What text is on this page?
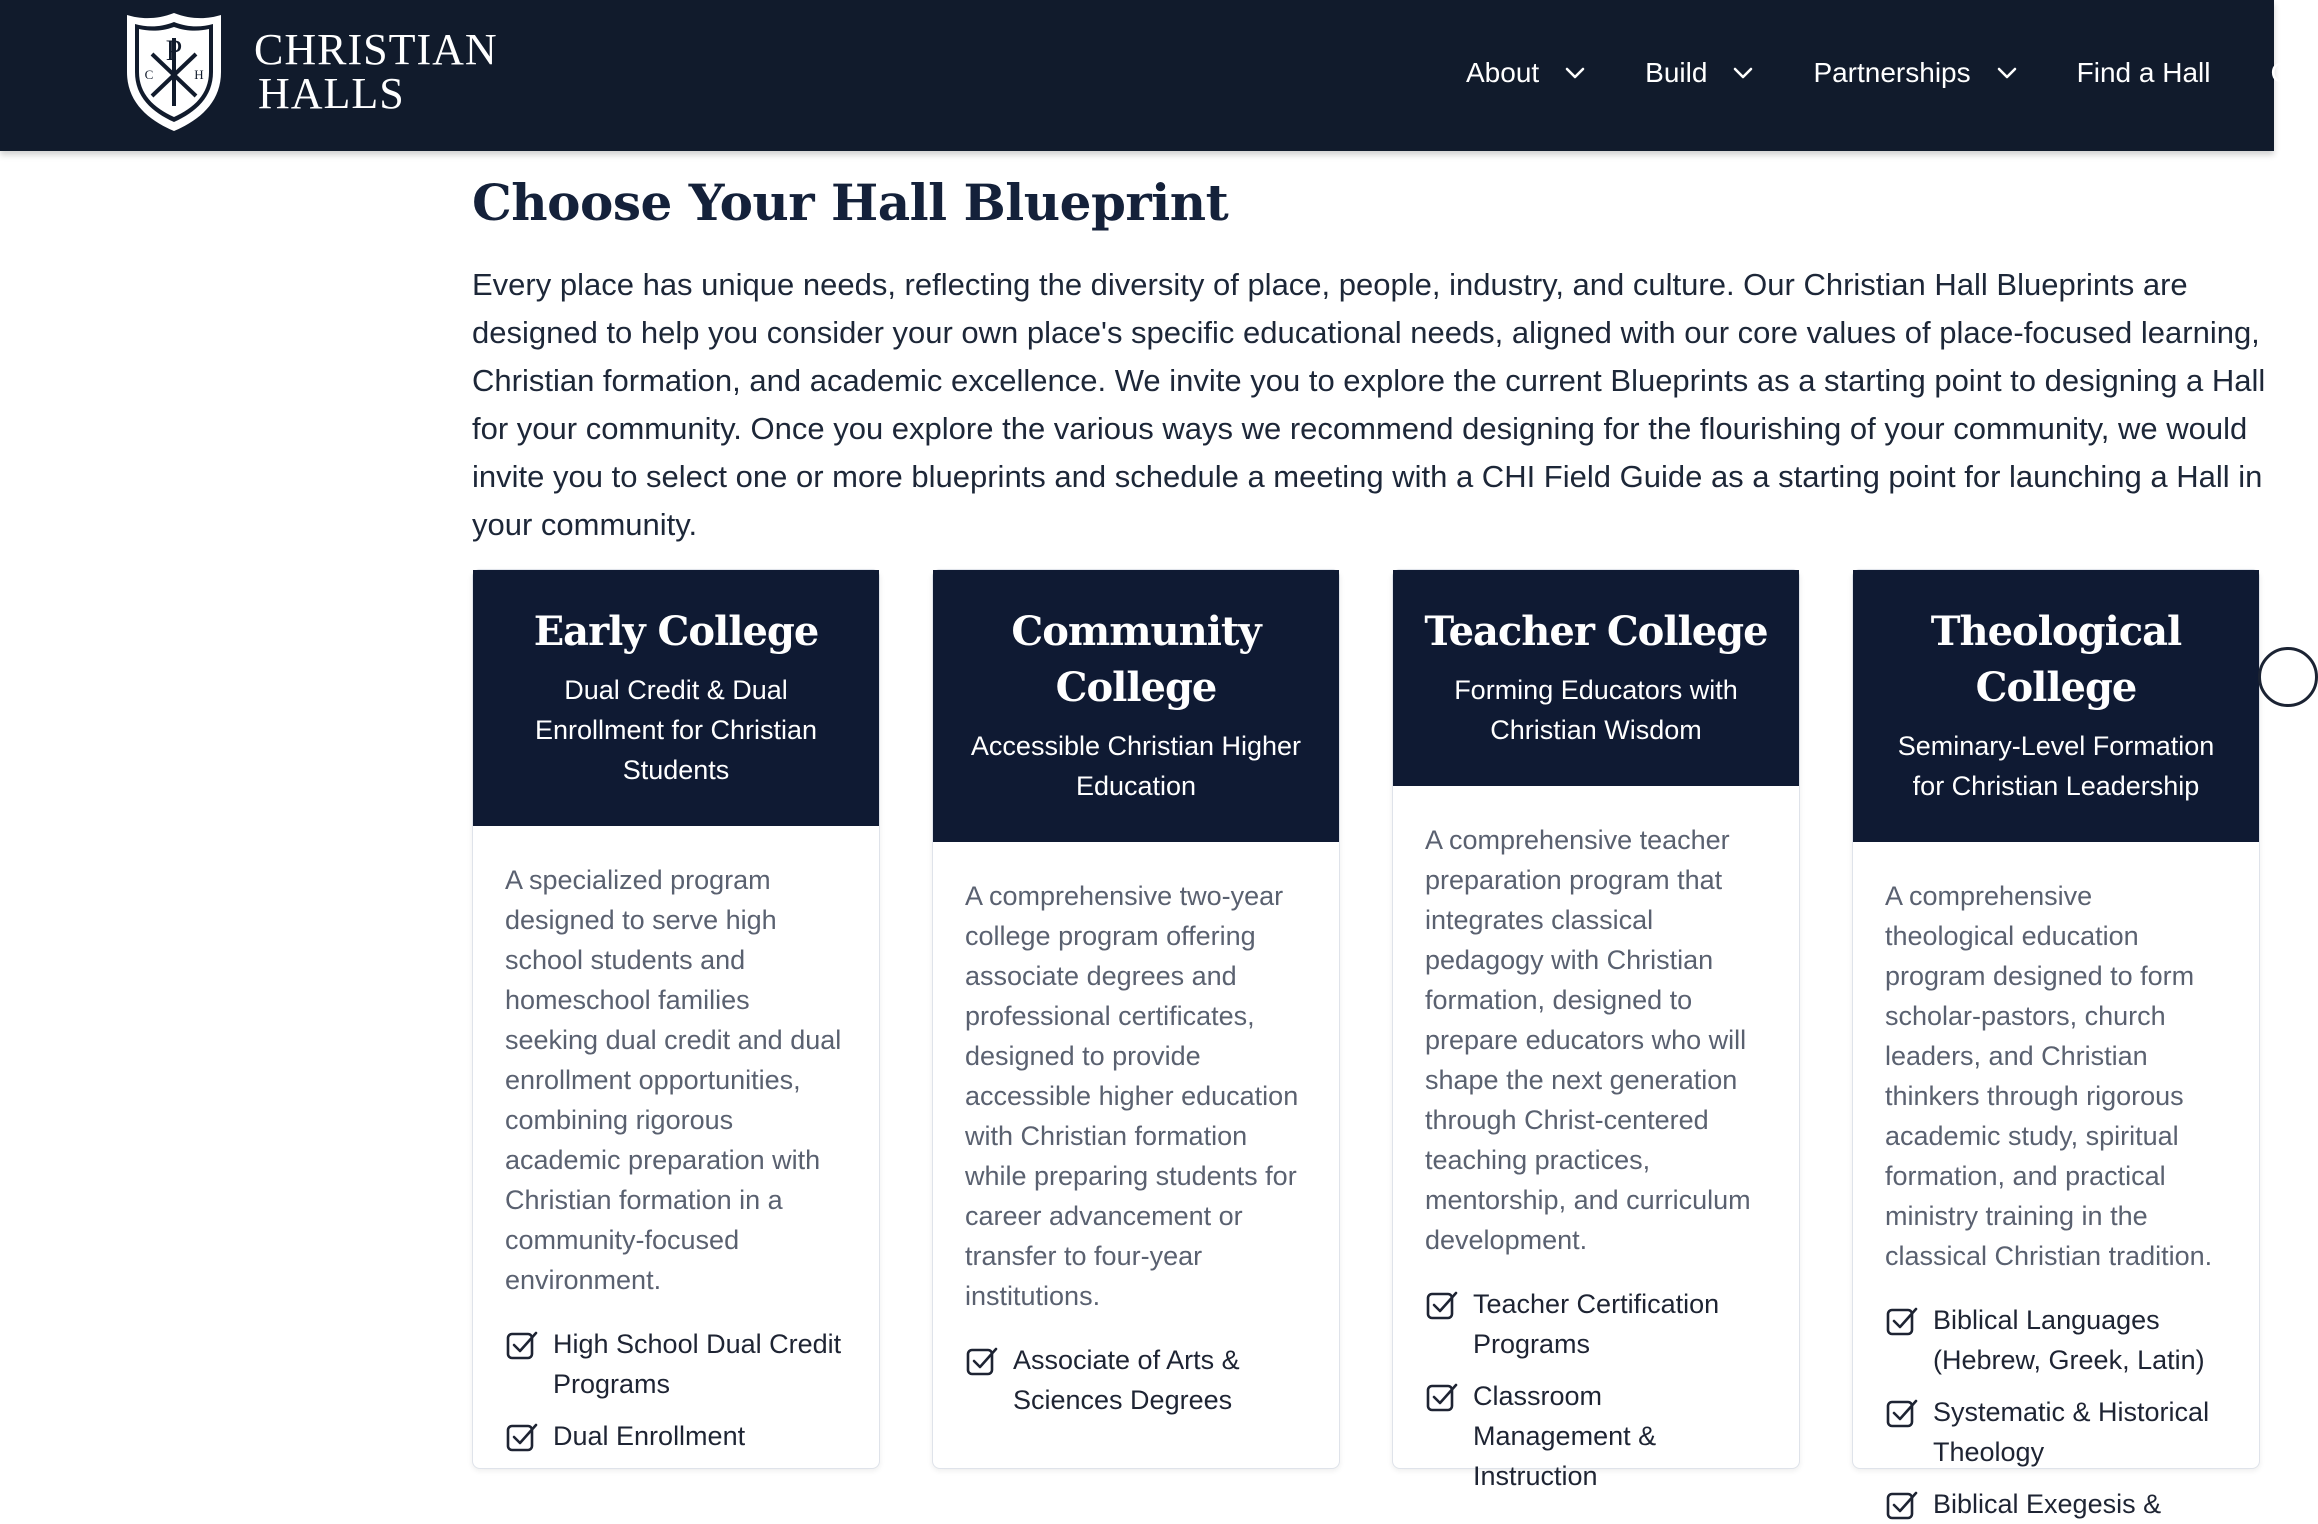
P
C	H
CHRISTIAN
HALLS	About	Build	Partnerships	Find a Hall C
Choose Your Hall Blueprint

Every place has unique needs, reflecting the diversity of place, people, industry, and culture. Our Christian Hall Blueprints are designed to help you consider your own place's specific educational needs, aligned with our core values of place-focused learning, Christian formation, and academic excellence. We invite you to explore the current Blueprints as a starting point to designing a Hall for your community. Once you explore the various ways we recommend designing for the flourishing of your community, we would invite you to select one or more blueprints and schedule a meeting with a CHI Field Guide as a starting point for launching a Hall in your community.

Early College
Dual Credit & Dual Enrollment for Christian Students

A specialized program designed to serve high school students and homeschool families seeking dual credit and dual enrollment opportunities, combining rigorous academic preparation with Christian formation in a community-focused environment.

High School Dual Credit Programs
Dual Enrollment
Community College
Accessible Christian Higher Education

A comprehensive two-year college program offering associate degrees and professional certificates, designed to provide accessible higher education with Christian formation while preparing students for career advancement or transfer to four-year institutions.

Associate of Arts & Sciences Degrees
Teacher College
Forming Educators with Christian Wisdom

A comprehensive teacher preparation program that integrates classical pedagogy with Christian formation, designed to prepare educators who will shape the next generation through Christ-centered teaching practices, mentorship, and curriculum development.

Teacher Certification Programs
Classroom Management & Instruction
Theological College
Seminary-Level Formation for Christian Leadership

A comprehensive theological education program designed to form scholar-pastors, church leaders, and Christian thinkers through rigorous academic study, spiritual formation, and practical ministry training in the classical Christian tradition.

Biblical Languages (Hebrew, Greek, Latin)
Systematic & Historical Theology
Biblical Exegesis &
